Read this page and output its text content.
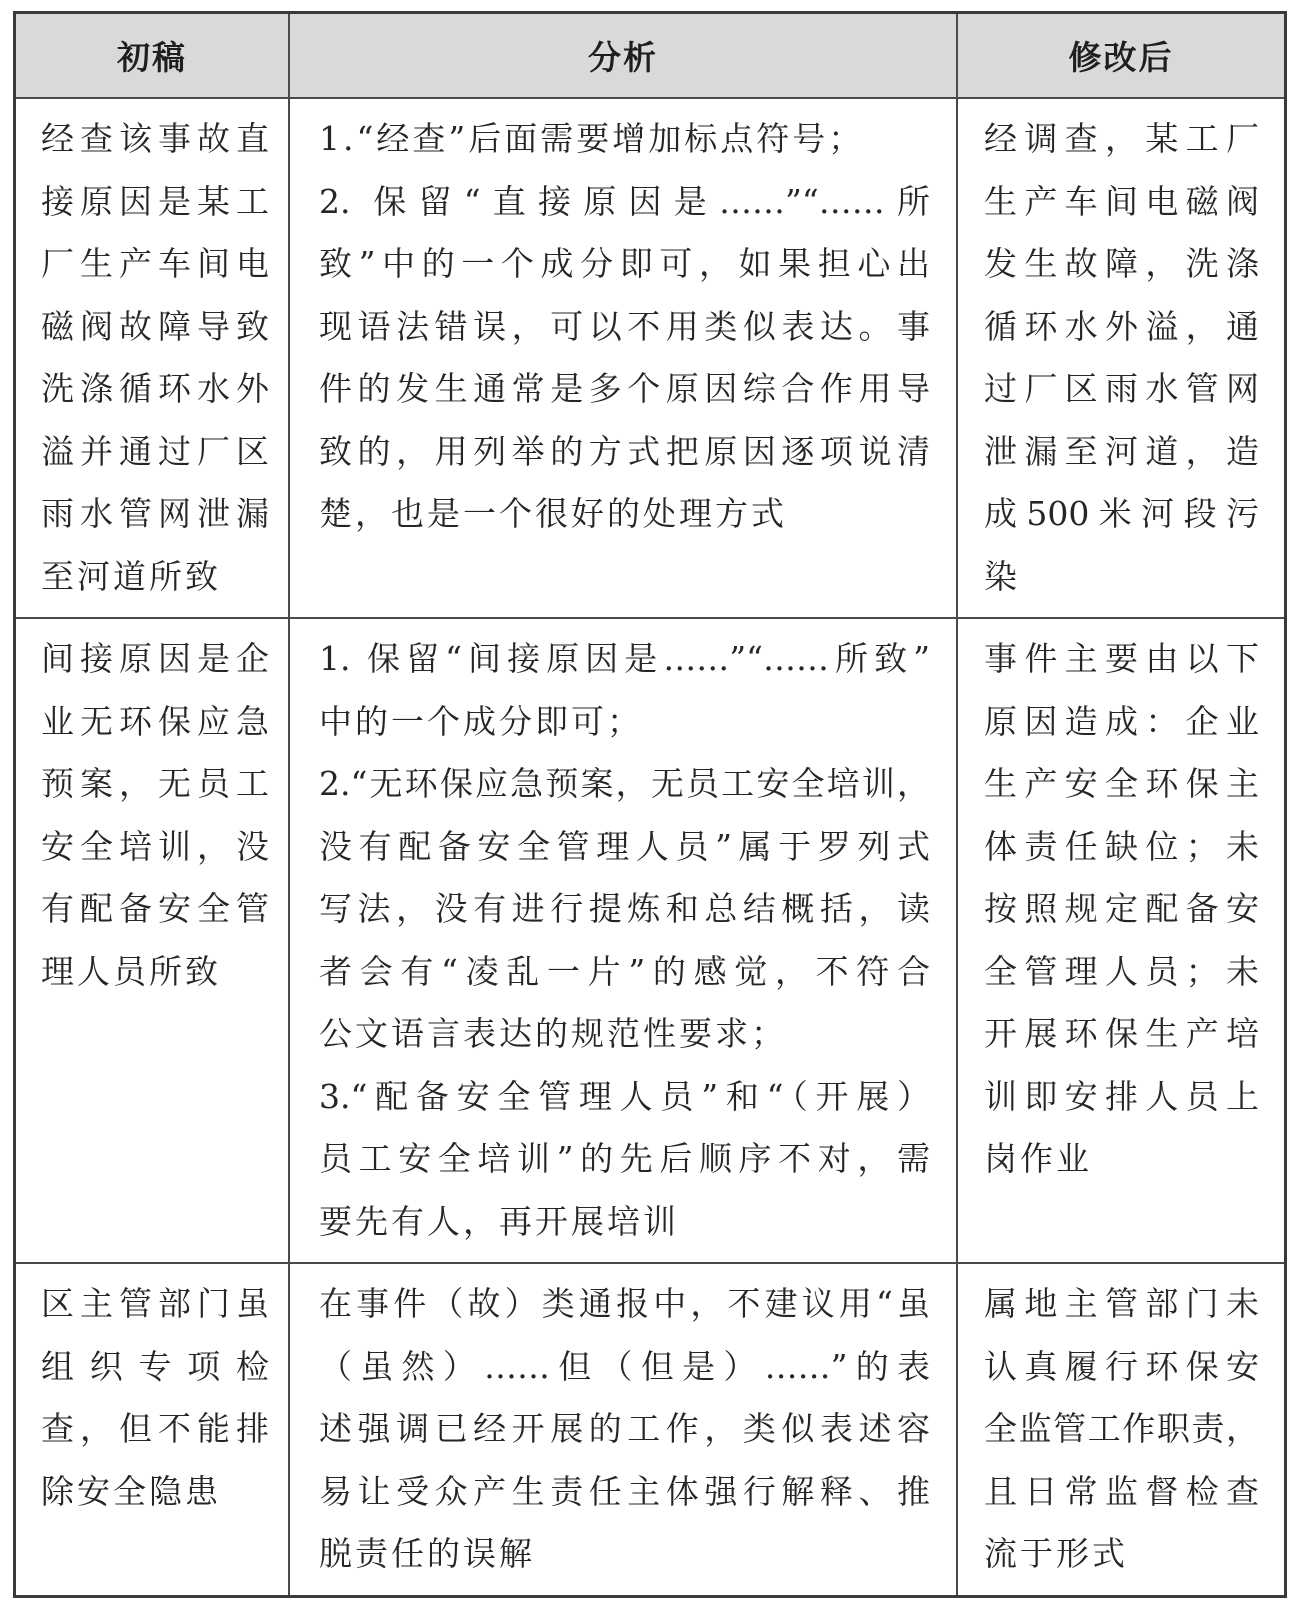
初稿	分析	修改后
经查该事故直
接原因是某工
厂生产车间电
磁阀故障导致
洗涤循环水外
溢并通过厂区
雨水管网泄漏
至河道所致
1.“经查”后面需要增加标点符号；
2. 保留“直接原因是……”“……所
致”中的一个成分即可，如果担心出
现语法错误，可以不用类似表达。事
件的发生通常是多个原因综合作用导
致的，用列举的方式把原因逐项说清
楚，也是一个很好的处理方式
经调查，某工厂
生产车间电磁阀
发生故障，洗涤
循环水外溢，通
过厂区雨水管网
泄漏至河道，造
成500米河段污
染
间接原因是企
业无环保应急
预案，无员工
安全培训，没
有配备安全管
理人员所致
1. 保留“间接原因是……”“……所致”
中的一个成分即可；
2.“无环保应急预案，无员工安全培训，
没有配备安全管理人员”属于罗列式
写法，没有进行提炼和总结概括，读
者会有“凌乱一片”的感觉，不符合
公文语言表达的规范性要求；
3.“配备安全管理人员”和“（开展）
员工安全培训”的先后顺序不对，需
要先有人，再开展培训
事件主要由以下
原因造成：企业
生产安全环保主
体责任缺位；未
按照规定配备安
全管理人员；未
开展环保生产培
训即安排人员上
岗作业
区主管部门虽
组织专项检
查，但不能排
除安全隐患
在事件（故）类通报中，不建议用“虽
（虽然）……但（但是）……”的表
述强调已经开展的工作，类似表述容
易让受众产生责任主体强行解释、推
脱责任的误解
属地主管部门未
认真履行环保安
全监管工作职责，
且日常监督检查
流于形式
